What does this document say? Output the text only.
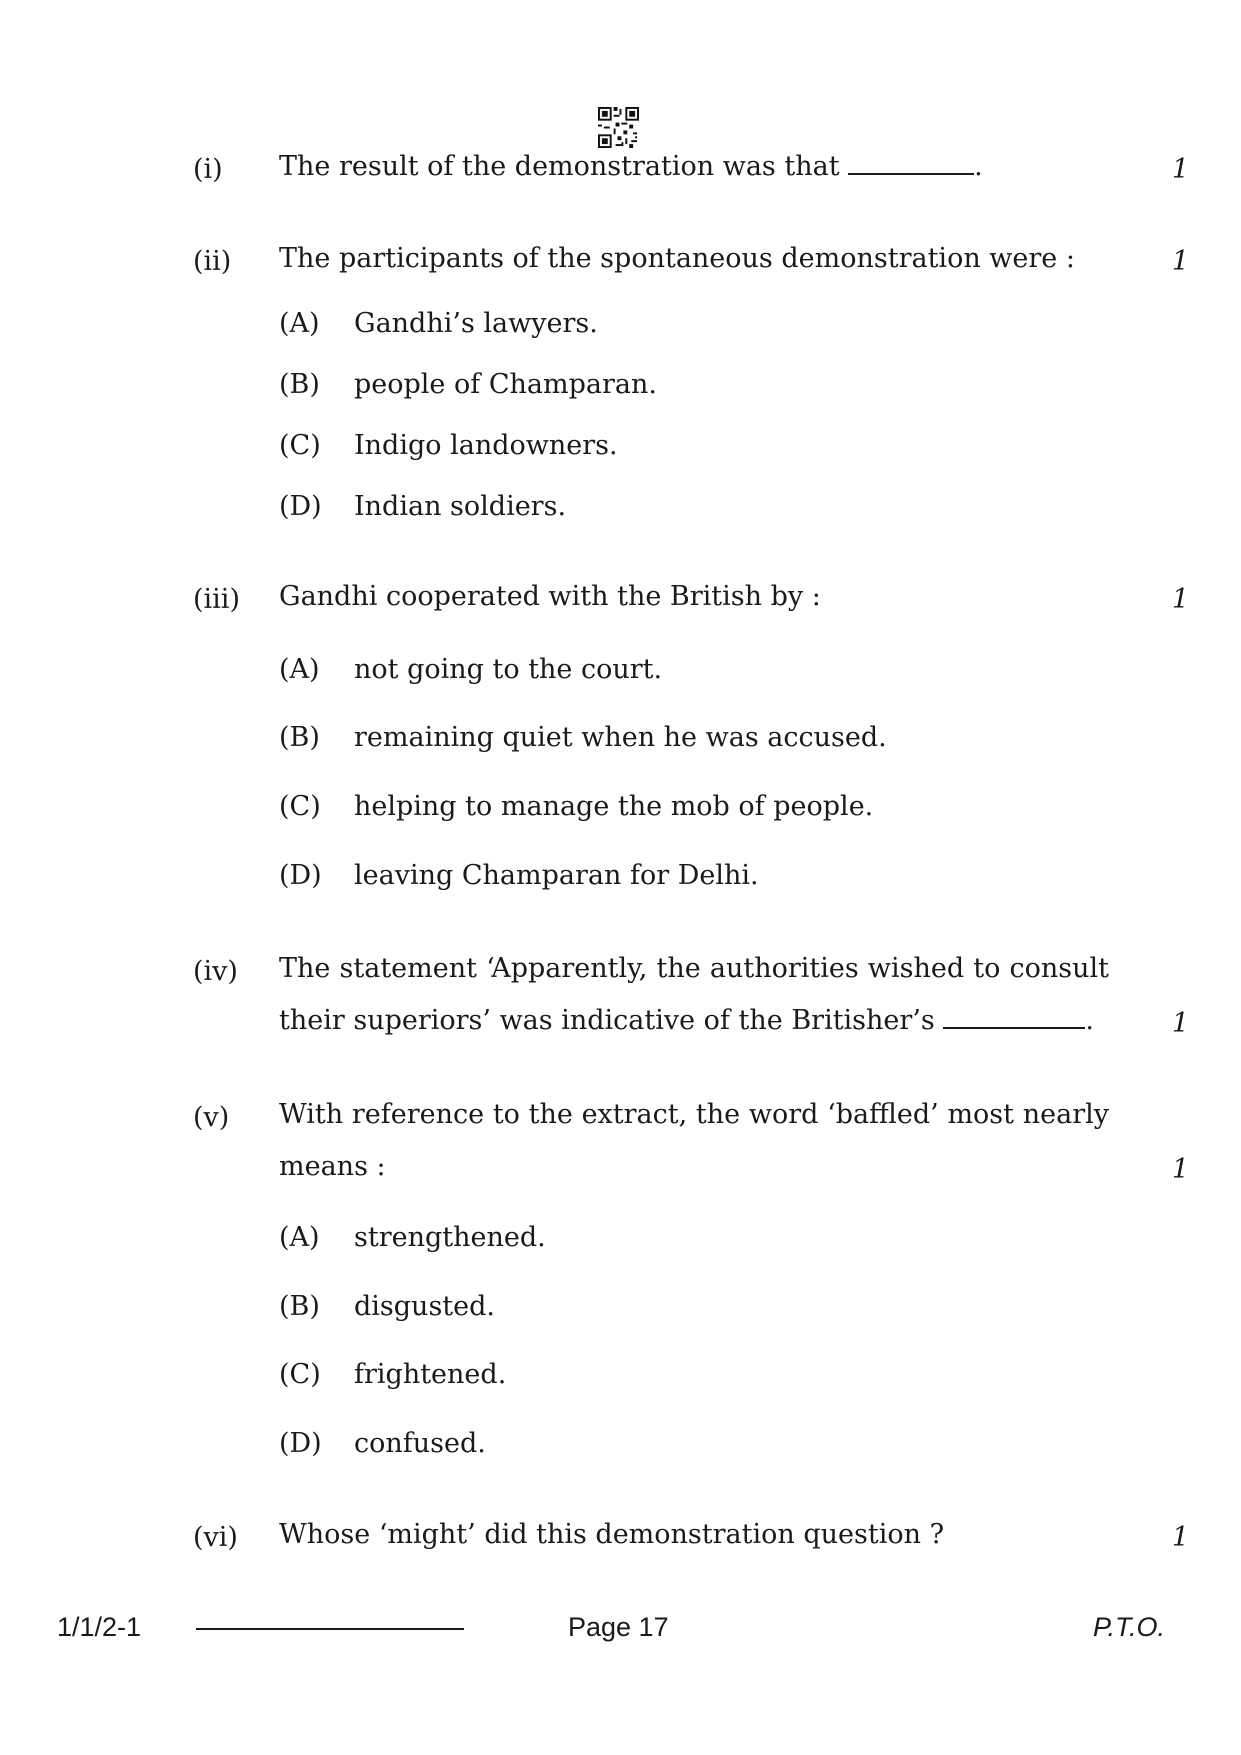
(i) The result of the demonstration was that	.	1
(ii) The participants of the spontaneous demonstration were :	1
(A) Gandhi’s lawyers.
(B) people of Champaran.
(C) Indigo landowners.
(D) Indian soldiers.
(iii) Gandhi cooperated with the British by :	1
(A) not going to the court.
(B) remaining quiet when he was accused.
(C) helping to manage the mob of people.
(D) leaving Champaran for Delhi.
(iv) The statement ‘Apparently, the authorities wished to consult
their superiors’ was indicative of the Britisher’s	.	1
(v) With reference to the extract, the word ‘baffled’ most nearly
means :	1
(A) strengthened.
(B) disgusted.
(C) frightened.
(D) confused.
(vi) Whose ‘might’ did this demonstration question ?	1
1/1/2-1	Page 17	P.T.O.
